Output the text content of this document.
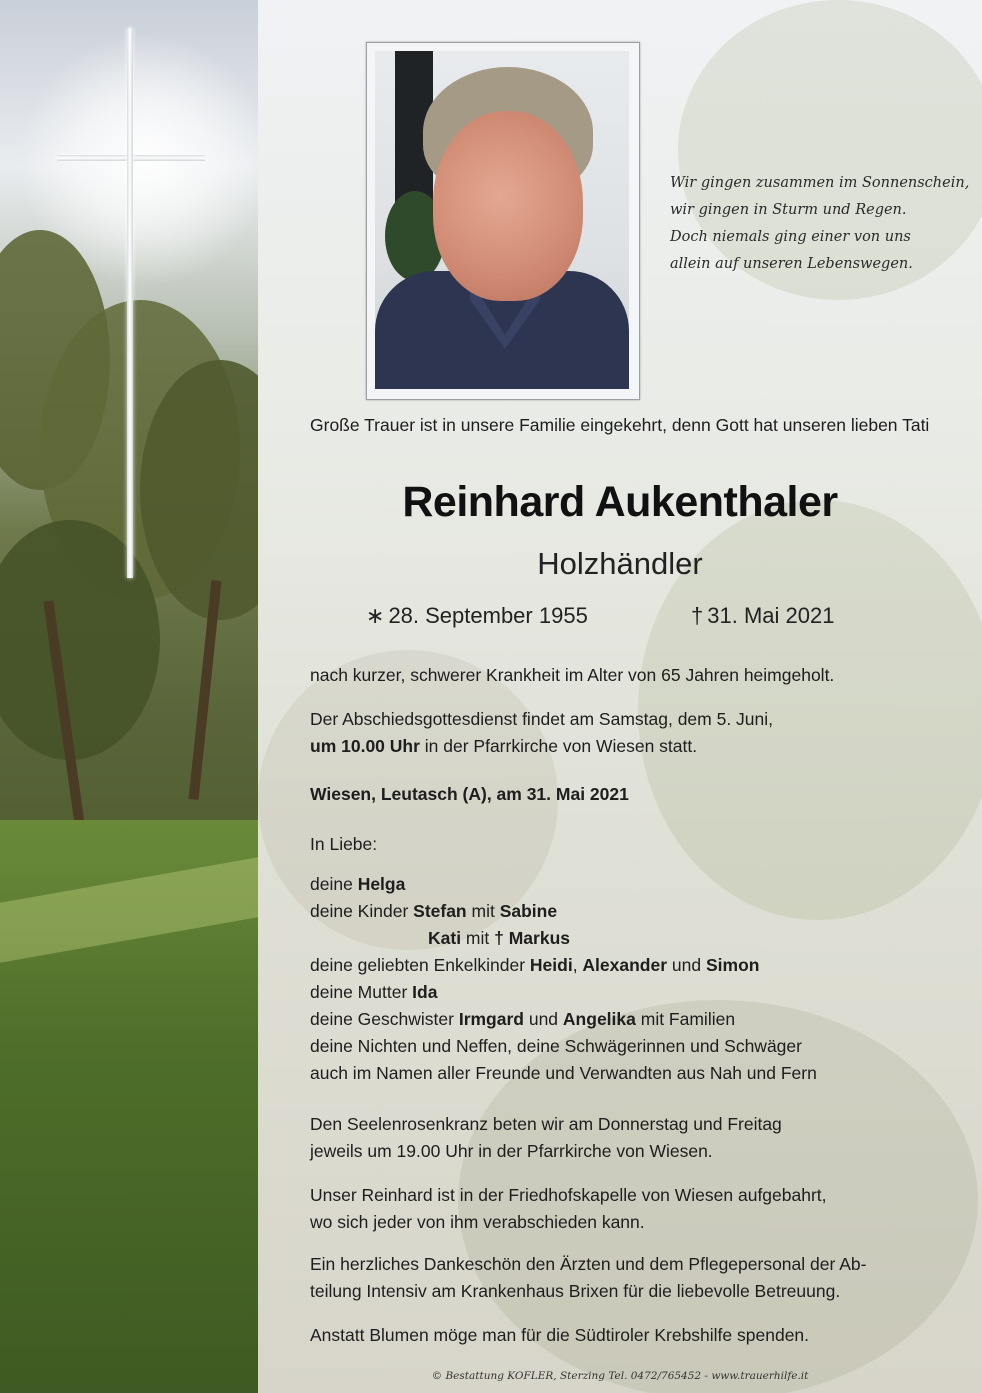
Wir gingen zusammen im Sonnenschein,
wir gingen in Sturm und Regen.
Doch niemals ging einer von uns
allein auf unseren Lebenswegen.
Große Trauer ist in unsere Familie eingekehrt, denn Gott hat unseren lieben Tati
Reinhard Aukenthaler
Holzhändler
∗ 28. September 1955	† 31. Mai 2021
nach kurzer, schwerer Krankheit im Alter von 65 Jahren heimgeholt.
Der Abschiedsgottesdienst findet am Samstag, dem 5. Juni,
um 10.00 Uhr in der Pfarrkirche von Wiesen statt.
Wiesen, Leutasch (A), am 31. Mai 2021
In Liebe:
deine Helga
deine Kinder Stefan mit Sabine
Kati mit † Markus
deine geliebten Enkelkinder Heidi, Alexander und Simon
deine Mutter Ida
deine Geschwister Irmgard und Angelika mit Familien
deine Nichten und Neffen, deine Schwägerinnen und Schwäger
auch im Namen aller Freunde und Verwandten aus Nah und Fern
Den Seelenrosenkranz beten wir am Donnerstag und Freitag
jeweils um 19.00 Uhr in der Pfarrkirche von Wiesen.
Unser Reinhard ist in der Friedhofskapelle von Wiesen aufgebahrt,
wo sich jeder von ihm verabschieden kann.
Ein herzliches Dankeschön den Ärzten und dem Pflegepersonal der Ab-
teilung Intensiv am Krankenhaus Brixen für die liebevolle Betreuung.
Anstatt Blumen möge man für die Südtiroler Krebshilfe spenden.
© Bestattung KOFLER, Sterzing Tel. 0472/765452 - www.trauerhilfe.it
